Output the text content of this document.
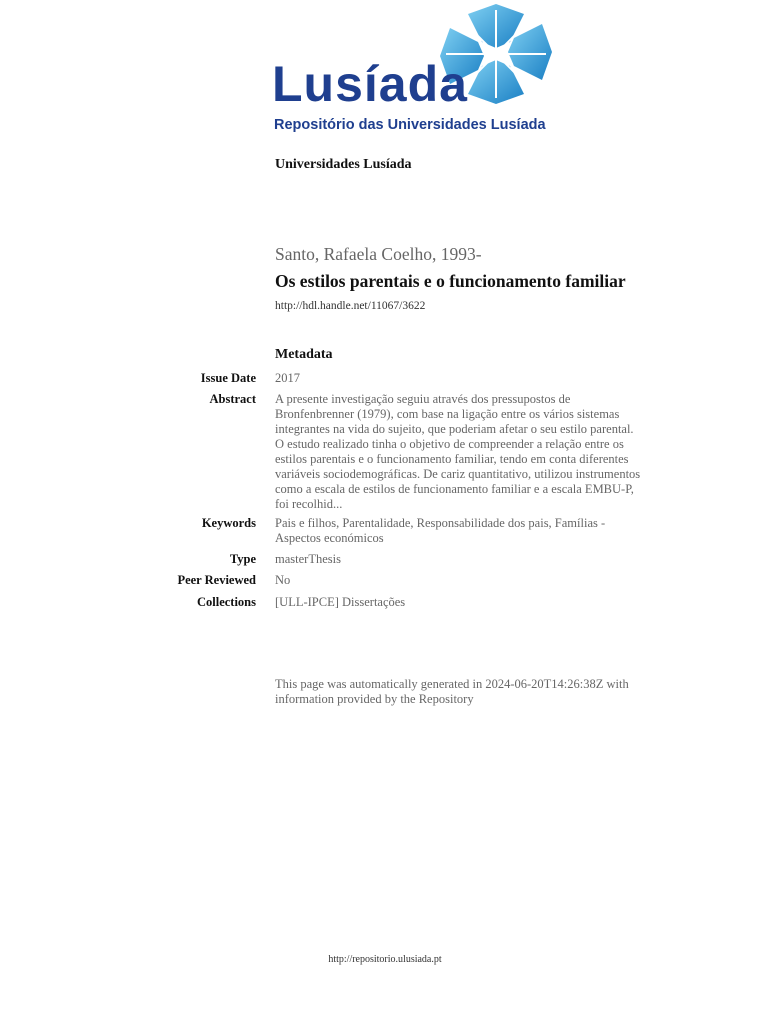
Lusíada
Repositório das Universidades Lusíada
Universidades Lusíada
Santo, Rafaela Coelho, 1993-
Os estilos parentais e o funcionamento familiar
http://hdl.handle.net/11067/3622
Metadata
Issue Date 2017
Abstract A presente investigação seguiu através dos pressupostos de
Bronfenbrenner (1979), com base na ligação entre os vários sistemas
integrantes na vida do sujeito, que poderiam afetar o seu estilo parental.
O estudo realizado tinha o objetivo de compreender a relação entre os
estilos parentais e o funcionamento familiar, tendo em conta diferentes
variáveis sociodemográficas. De cariz quantitativo, utilizou instrumentos
como a escala de estilos de funcionamento familiar e a escala EMBU-P,
foi recolhid...
Keywords Pais e filhos, Parentalidade, Responsabilidade dos pais, Famílias -
Aspectos económicos
Type masterThesis
Peer Reviewed No
Collections [ULL-IPCE] Dissertações
This page was automatically generated in 2024-06-20T14:26:38Z with
information provided by the Repository
http://repositorio.ulusiada.pt
